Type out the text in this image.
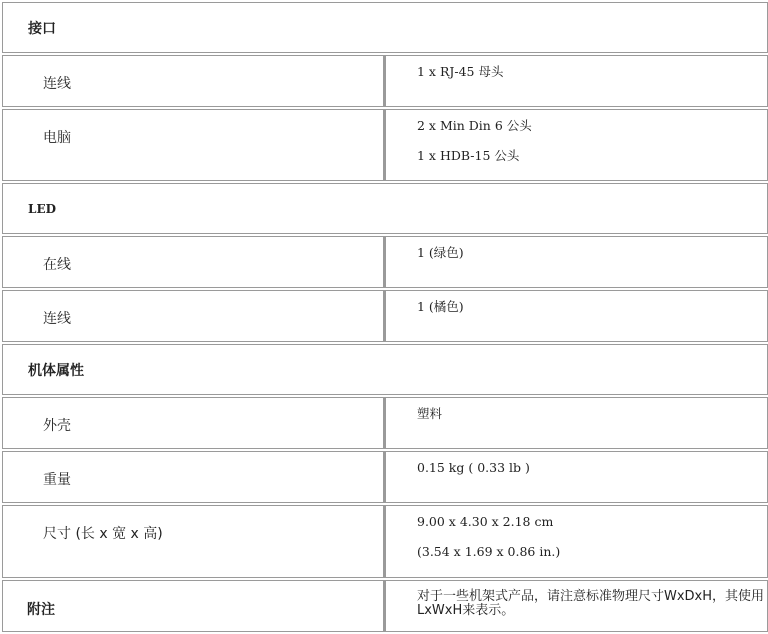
接口	

连线	1 x RJ-45 母头

电脑	2 x Min Din 6 公头
1 x HDB-15 公头

LED	

在线	1 (绿色)

连线	1 (橘色)

机体属性	

外壳	塑料

重量	0.15 kg ( 0.33 lb )

尺寸 (长 x 宽 x 高)	9.00 x 4.30 x 2.18 cm
(3.54 x 1.69 x 0.86 in.)

附注	对于一些机架式产品，请注意标准物理尺寸WxDxH，其使用LxWxH来表示。
